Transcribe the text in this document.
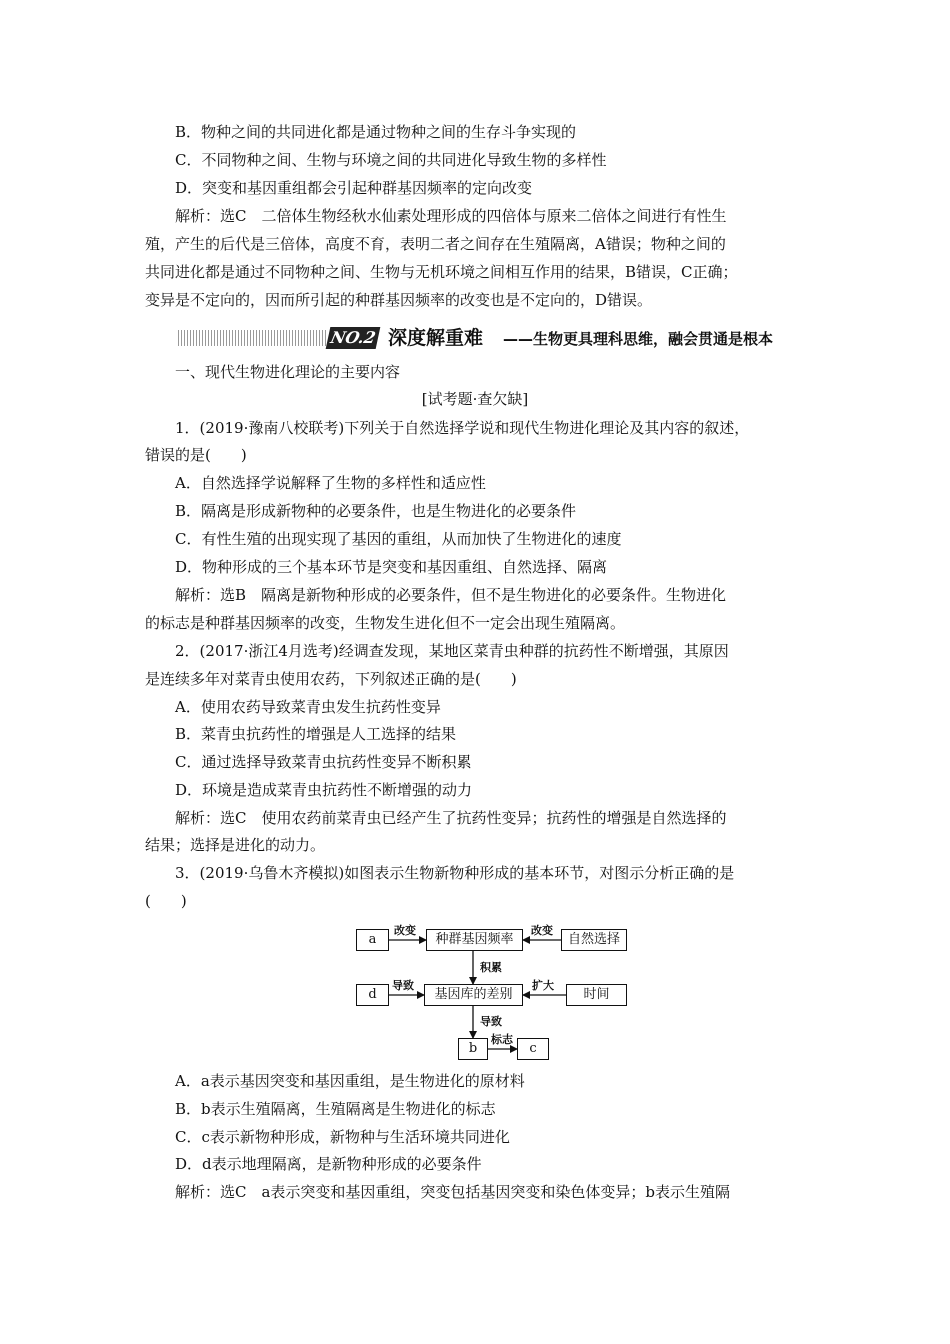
B．物种之间的共同进化都是通过物种之间的生存斗争实现的
C．不同物种之间、生物与环境之间的共同进化导致生物的多样性
D．突变和基因重组都会引起种群基因频率的定向改变
解析：选C　二倍体生物经秋水仙素处理形成的四倍体与原来二倍体之间进行有性生
殖，产生的后代是三倍体，高度不育，表明二者之间存在生殖隔离，A错误；物种之间的
共同进化都是通过不同物种之间、生物与无机环境之间相互作用的结果，B错误，C正确；
变异是不定向的，因而所引起的种群基因频率的改变也是不定向的，D错误。
NO.2 深度解重难 ——生物更具理科思维，融会贯通是根本
一、现代生物进化理论的主要内容
[试考题·查欠缺]
1．(2019·豫南八校联考)下列关于自然选择学说和现代生物进化理论及其内容的叙述，
错误的是(　　)
A．自然选择学说解释了生物的多样性和适应性
B．隔离是形成新物种的必要条件，也是生物进化的必要条件
C．有性生殖的出现实现了基因的重组，从而加快了生物进化的速度
D．物种形成的三个基本环节是突变和基因重组、自然选择、隔离
解析：选B　隔离是新物种形成的必要条件，但不是生物进化的必要条件。生物进化
的标志是种群基因频率的改变，生物发生进化但不一定会出现生殖隔离。
2．(2017·浙江4月选考)经调查发现，某地区菜青虫种群的抗药性不断增强，其原因
是连续多年对菜青虫使用农药，下列叙述正确的是(　　)
A．使用农药导致菜青虫发生抗药性变异
B．菜青虫抗药性的增强是人工选择的结果
C．通过选择导致菜青虫抗药性变异不断积累
D．环境是造成菜青虫抗药性不断增强的动力
解析：选C　使用农药前菜青虫已经产生了抗药性变异；抗药性的增强是自然选择的
结果；选择是进化的动力。
3．(2019·乌鲁木齐模拟)如图表示生物新物种形成的基本环节，对图示分析正确的是
(　　)
a	种群基因频率	自然选择
d	基因库的差别	时间
b	c
改变	改变
积累
导致	扩大
导致
标志
A．a表示基因突变和基因重组，是生物进化的原材料
B．b表示生殖隔离，生殖隔离是生物进化的标志
C．c表示新物种形成，新物种与生活环境共同进化
D．d表示地理隔离，是新物种形成的必要条件
解析：选C　a表示突变和基因重组，突变包括基因突变和染色体变异；b表示生殖隔
